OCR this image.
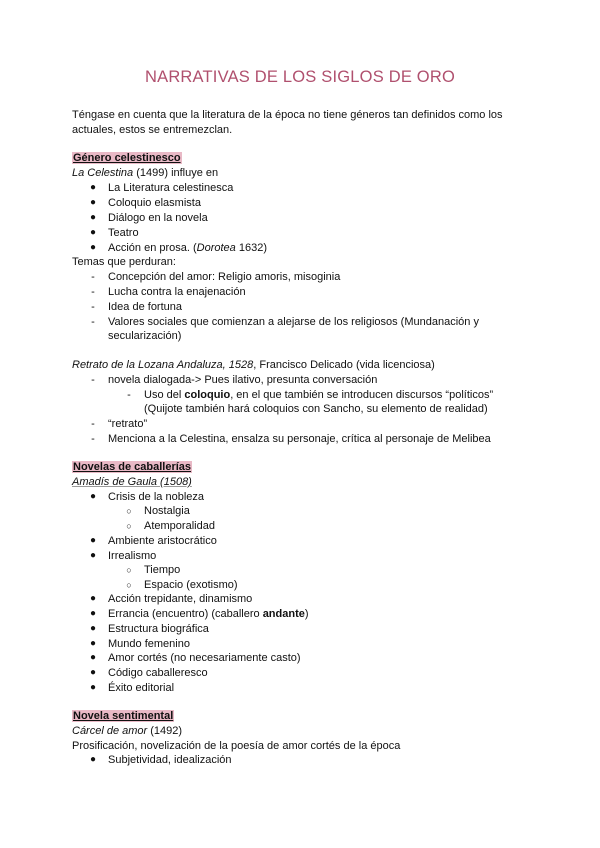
NARRATIVAS DE LOS SIGLOS DE ORO
Téngase en cuenta que la literatura de la época no tiene géneros tan definidos como los
actuales, estos se entremezclan.
Género celestinesco
La Celestina (1499) influye en
● La Literatura celestinesca
● Coloquio elasmista
● Diálogo en la novela
● Teatro
● Acción en prosa. (Dorotea 1632)
Temas que perduran:
- Concepción del amor: Religio amoris, misoginia
- Lucha contra la enajenación
- Idea de fortuna
- Valores sociales que comienzan a alejarse de los religiosos (Mundanación y
secularización)
Retrato de la Lozana Andaluza, 1528, Francisco Delicado (vida licenciosa)
- novela dialogada-> Pues ilativo, presunta conversación
- Uso del coloquio, en el que también se introducen discursos “políticos”
(Quijote también hará coloquios con Sancho, su elemento de realidad)
- “retrato”
- Menciona a la Celestina, ensalza su personaje, crítica al personaje de Melibea
Novelas de caballerías
Amadís de Gaula (1508)
● Crisis de la nobleza
○ Nostalgia
○ Atemporalidad
● Ambiente aristocrático
● Irrealismo
○ Tiempo
○ Espacio (exotismo)
● Acción trepidante, dinamismo
● Errancia (encuentro) (caballero andante)
● Estructura biográfica
● Mundo femenino
● Amor cortés (no necesariamente casto)
● Código caballeresco
● Éxito editorial
Novela sentimental
Cárcel de amor (1492)
Prosificación, novelización de la poesía de amor cortés de la época
● Subjetividad, idealización
